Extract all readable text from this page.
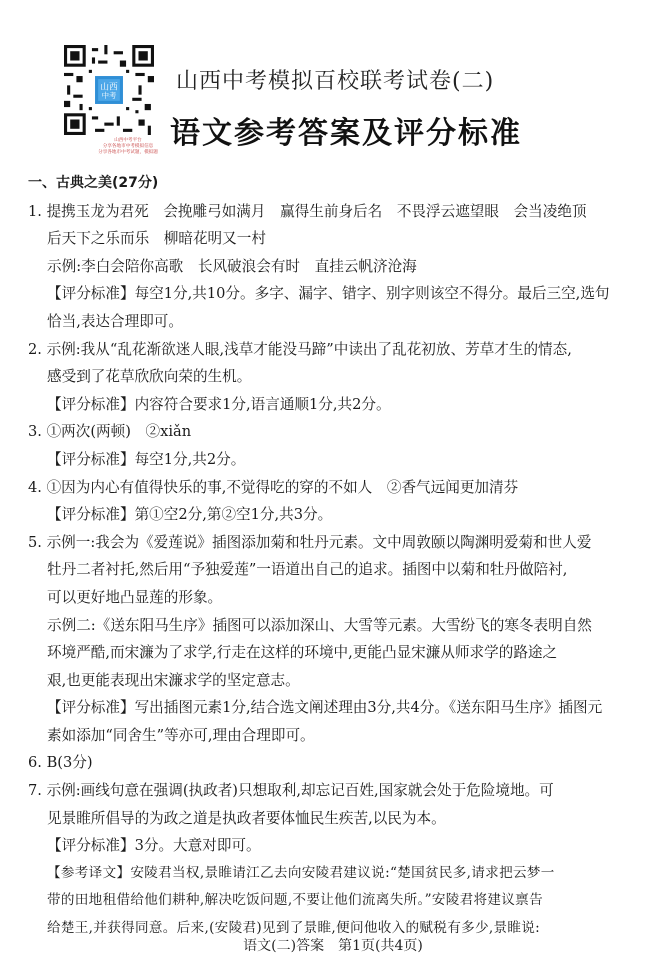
山西
中考
山西中考平台
分享各地市中考模拟信息
分享各地市中考试题，模拟题
山西中考模拟百校联考试卷(二)
语文参考答案及评分标准

一、古典之美(27分)

1. 提携玉龙为君死　会挽雕弓如满月　赢得生前身后名　不畏浮云遮望眼　会当凌绝顶

后天下之乐而乐　柳暗花明又一村

示例:李白会陪你高歌　长风破浪会有时　直挂云帆济沧海

【评分标准】每空1分,共10分。多字、漏字、错字、别字则该空不得分。最后三空,选句

恰当,表达合理即可。

2. 示例:我从“乱花渐欲迷人眼,浅草才能没马蹄”中读出了乱花初放、芳草才生的情态,

感受到了花草欣欣向荣的生机。

【评分标准】内容符合要求1分,语言通顺1分,共2分。

3. ①两次(两顿)　②xiǎn

【评分标准】每空1分,共2分。

4. ①因为内心有值得快乐的事,不觉得吃的穿的不如人　②香气远闻更加清芬

【评分标准】第①空2分,第②空1分,共3分。

5. 示例一:我会为《爱莲说》插图添加菊和牡丹元素。文中周敦颐以陶渊明爱菊和世人爱

牡丹二者衬托,然后用“予独爱莲”一语道出自己的追求。插图中以菊和牡丹做陪衬,

可以更好地凸显莲的形象。

示例二:《送东阳马生序》插图可以添加深山、大雪等元素。大雪纷飞的寒冬表明自然

环境严酷,而宋濂为了求学,行走在这样的环境中,更能凸显宋濂从师求学的路途之

艰,也更能表现出宋濂求学的坚定意志。

【评分标准】写出插图元素1分,结合选文阐述理由3分,共4分。《送东阳马生序》插图元

素如添加“同舍生”等亦可,理由合理即可。

6. B(3分)

7. 示例:画线句意在强调(执政者)只想取利,却忘记百姓,国家就会处于危险境地。可

见景睢所倡导的为政之道是执政者要体恤民生疾苦,以民为本。

【评分标准】3分。大意对即可。

【参考译文】安陵君当权,景睢请江乙去向安陵君建议说:“楚国贫民多,请求把云梦一

带的田地租借给他们耕种,解决吃饭问题,不要让他们流离失所。”安陵君将建议禀告

给楚王,并获得同意。后来,(安陵君)见到了景睢,便问他收入的赋税有多少,景睢说:

语文(二)答案　第1页(共4页)
